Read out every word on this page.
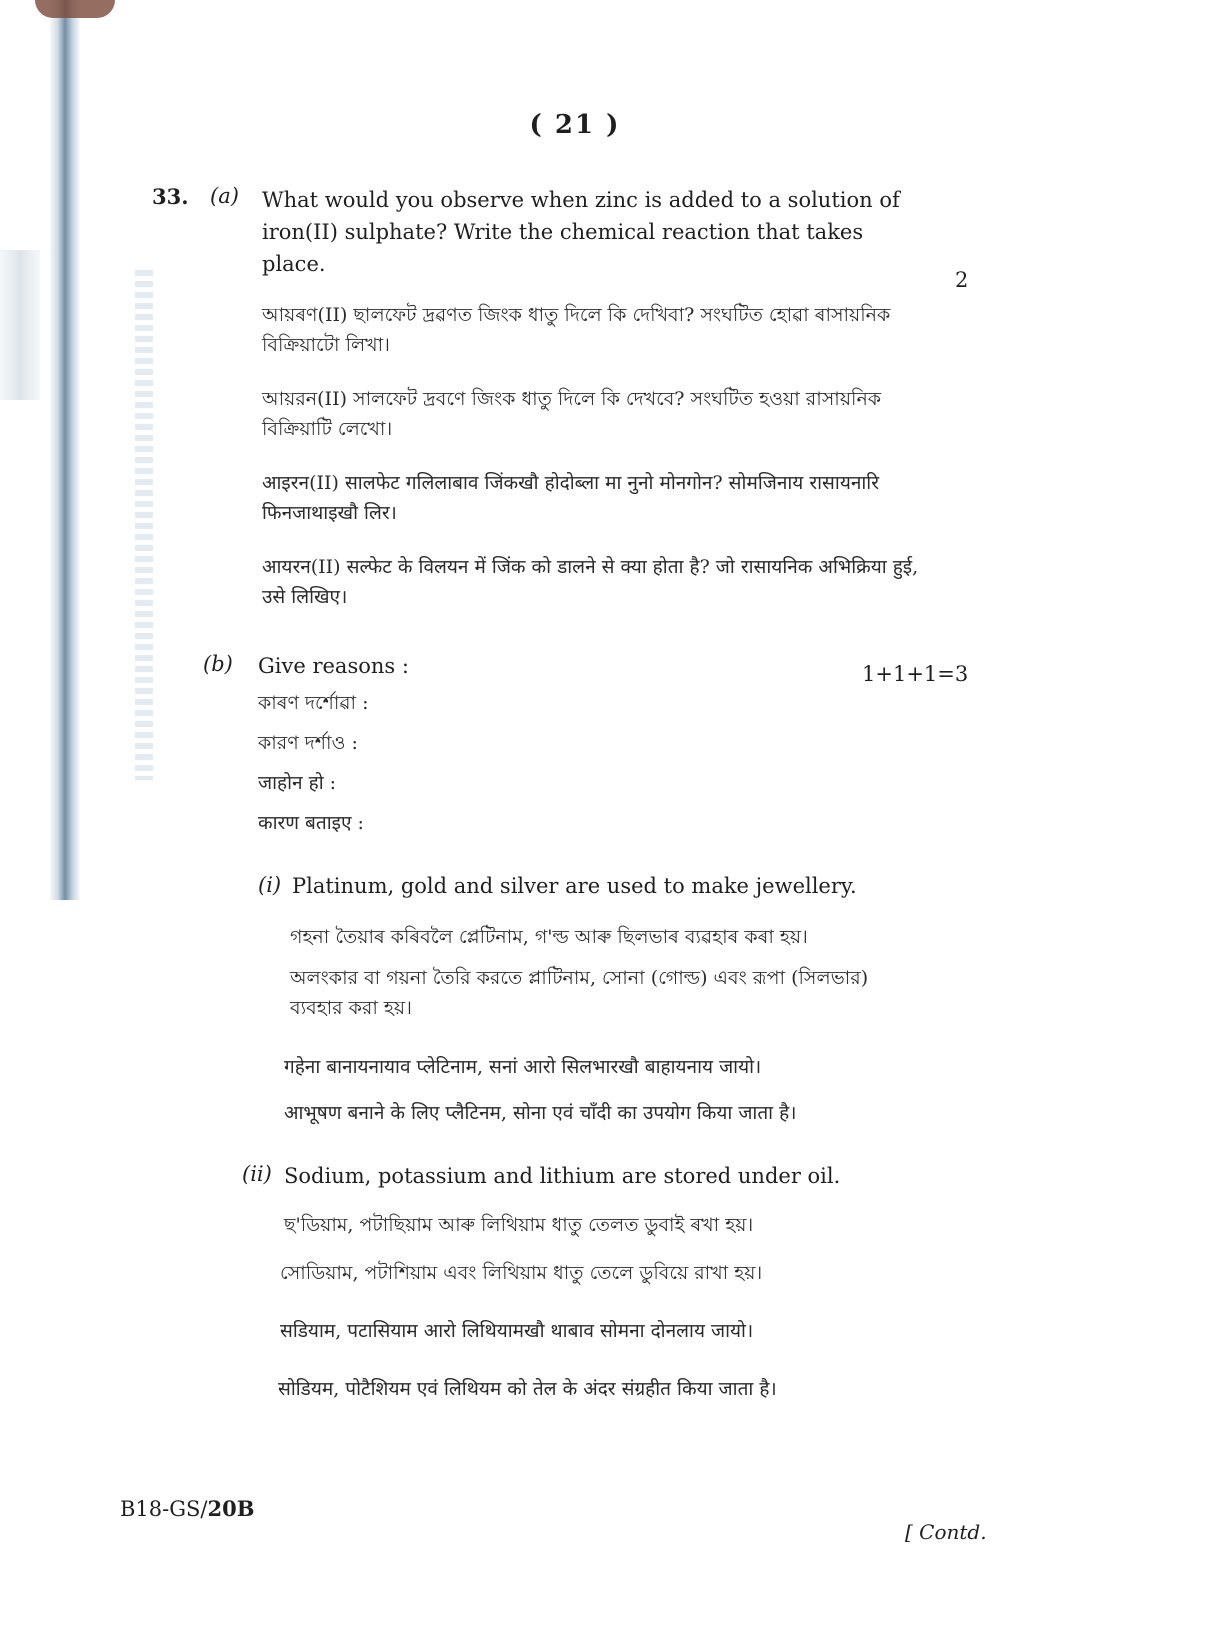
( 21 )
33. (a) What would you observe when zinc is added to a solution of iron(II) sulphate? Write the chemical reaction that takes place.
2
আয়ৰণ(II) ছালফেট দ্ৰৱণত জিংক ধাতু দিলে কি দেখিবা? সংঘটিত হোৱা ৰাসায়নিক বিক্ৰিয়াটো লিখা।
আয়রন(II) সালফেট দ্রবণে জিংক ধাতু দিলে কি দেখবে? সংঘটিত হওয়া রাসায়নিক বিক্রিয়াটি লেখো।
आइरन(II) सालफेट गलिलाबाव जिंकखौ होदोब्ला मा नुनो मोनगोन? सोमजिनाय रासायनारि फिनजाथाइखौ लिर।
आयरन(II) सल्फेट के विलयन में जिंक को डालने से क्या होता है? जो रासायनिक अभिक्रिया हुई, उसे लिखिए।
(b) Give reasons :	1+1+1=3
কাৰণ দৰ্শোৱা :
কারণ দর্শাও :
जाहोन हो :
कारण बताइए :
(i) Platinum, gold and silver are used to make jewellery.
গহনা তৈয়াৰ কৰিবলৈ প্লেটিনাম, গ'ল্ড আৰু ছিলভাৰ ব্যৱহাৰ কৰা হয়।
অলংকার বা গয়না তৈরি করতে প্লাটিনাম, সোনা (গোল্ড) এবং রূপা (সিলভার) ব্যবহার করা হয়।
गहेना बानायनायाव प्लेटिनाम, सनां आरो सिलभारखौ बाहायनाय जायो।
आभूषण बनाने के लिए प्लैटिनम, सोना एवं चाँदी का उपयोग किया जाता है।
(ii) Sodium, potassium and lithium are stored under oil.
ছ'ডিয়াম, পটাছিয়াম আৰু লিথিয়াম ধাতু তেলত ডুবাই ৰখা হয়।
সোডিয়াম, পটাশিয়াম এবং লিথিয়াম ধাতু তেলে ডুবিয়ে রাখা হয়।
सडियाम, पटासियाम आरो लिथियामखौ थाबाव सोमना दोनलाय जायो।
सोडियम, पोटैशियम एवं लिथियम को तेल के अंदर संग्रहीत किया जाता है।
B18-GS/20B
[ Contd.
